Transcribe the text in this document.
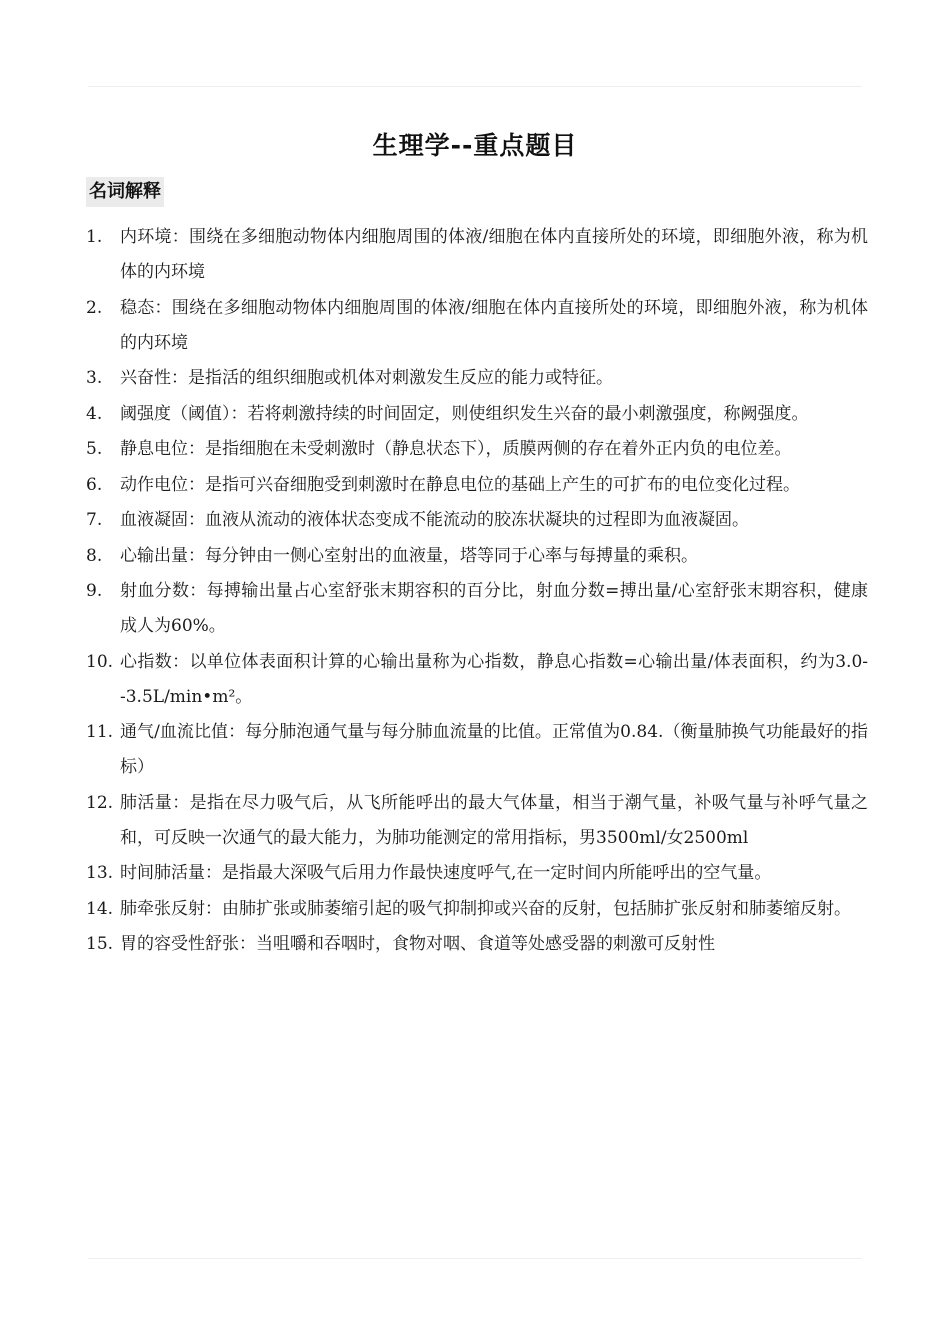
生理学--重点题目
名词解释
1.	内环境：围绕在多细胞动物体内细胞周围的体液/细胞在体内直接所处的环境，即细胞外液，称为机体的内环境
2.	稳态：围绕在多细胞动物体内细胞周围的体液/细胞在体内直接所处的环境，即细胞外液，称为机体的内环境
3.	兴奋性：是指活的组织细胞或机体对刺激发生反应的能力或特征。
4.	阈强度（阈值）：若将刺激持续的时间固定，则使组织发生兴奋的最小刺激强度，称阙强度。
5.	静息电位：是指细胞在未受刺激时（静息状态下），质膜两侧的存在着外正内负的电位差。
6.	动作电位：是指可兴奋细胞受到刺激时在静息电位的基础上产生的可扩布的电位变化过程。
7.	血液凝固：血液从流动的液体状态变成不能流动的胶冻状凝块的过程即为血液凝固。
8.	心输出量：每分钟由一侧心室射出的血液量，塔等同于心率与每搏量的乘积。
9.	射血分数：每搏输出量占心室舒张末期容积的百分比，射血分数=搏出量/心室舒张末期容积，健康成人为60%。
10. 心指数：以单位体表面积计算的心输出量称为心指数，静息心指数=心输出量/体表面积，约为3.0--3.5L/min•m²。
11. 通气/血流比值：每分肺泡通气量与每分肺血流量的比值。正常值为0.84.（衡量肺换气功能最好的指标）
12. 肺活量：是指在尽力吸气后，从飞所能呼出的最大气体量，相当于潮气量，补吸气量与补呼气量之和，可反映一次通气的最大能力，为肺功能测定的常用指标，男3500ml/女2500ml
13. 时间肺活量：是指最大深吸气后用力作最快速度呼气,在一定时间内所能呼出的空气量。
14. 肺牵张反射：由肺扩张或肺萎缩引起的吸气抑制抑或兴奋的反射，包括肺扩张反射和肺萎缩反射。
15. 胃的容受性舒张：当咀嚼和吞咽时，食物对咽、食道等处感受器的刺激可反射性
